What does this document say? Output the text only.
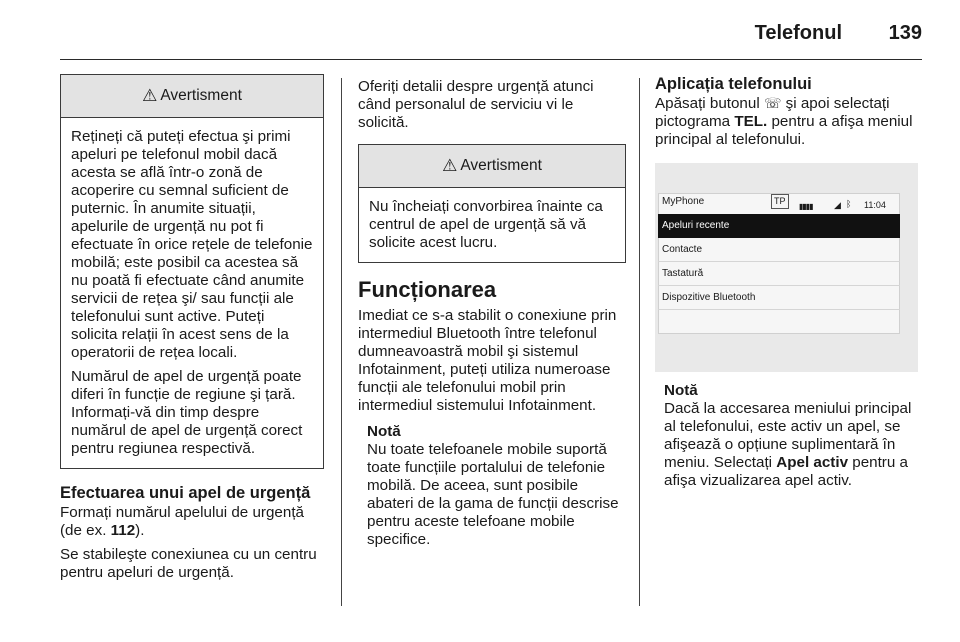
Telefonul 139
⚠ Avertisment

Rețineți că puteți efectua şi primi apeluri pe telefonul mobil dacă acesta se află într-o zonă de acoperire cu semnal suficient de puternic. În anumite situații, apelurile de urgență nu pot fi efectuate în orice rețele de telefonie mobilă; este posibil ca acestea să nu poată fi efectuate când anumite servicii de rețea şi/ sau funcții ale telefonului sunt active. Puteți solicita relații în acest sens de la operatorii de rețea locali.

Numărul de apel de urgență poate diferi în funcție de regiune şi țară. Informați-vă din timp despre numărul de apel de urgență corect pentru regiunea respectivă.

Efectuarea unui apel de urgență

Formați numărul apelului de urgență (de ex. 112).

Se stabileşte conexiunea cu un centru pentru apeluri de urgență.

Oferiți detalii despre urgență atunci când personalul de serviciu vi le solicită.

⚠ Avertisment
Nu încheiați convorbirea înainte ca centrul de apel de urgență să vă solicite acest lucru.
Funcționarea

Imediat ce s-a stabilit o conexiune prin intermediul Bluetooth între telefonul dumneavoastră mobil şi sistemul Infotainment, puteți utiliza numeroase funcții ale telefonului mobil prin intermediul sistemului Infotainment.

Notă

Nu toate telefoanele mobile suportă toate funcțiile portalului de telefonie mobilă. De aceea, sunt posibile abateri de la gama de funcții descrise pentru aceste telefoane mobile specifice.

Aplicația telefonului

Apăsați butonul ☏ şi apoi selectați pictograma TEL. pentru a afişa meniul principal al telefonului.

MyPhone	TP
▮▮▮▮ ◢ ᛒ 11:04
Apeluri recente
Contacte
Tastatură
Dispozitive Bluetooth
Notă

Dacă la accesarea meniului principal al telefonului, este activ un apel, se afişează o opțiune suplimentară în meniu. Selectați Apel activ pentru a afişa vizualizarea apel activ.
